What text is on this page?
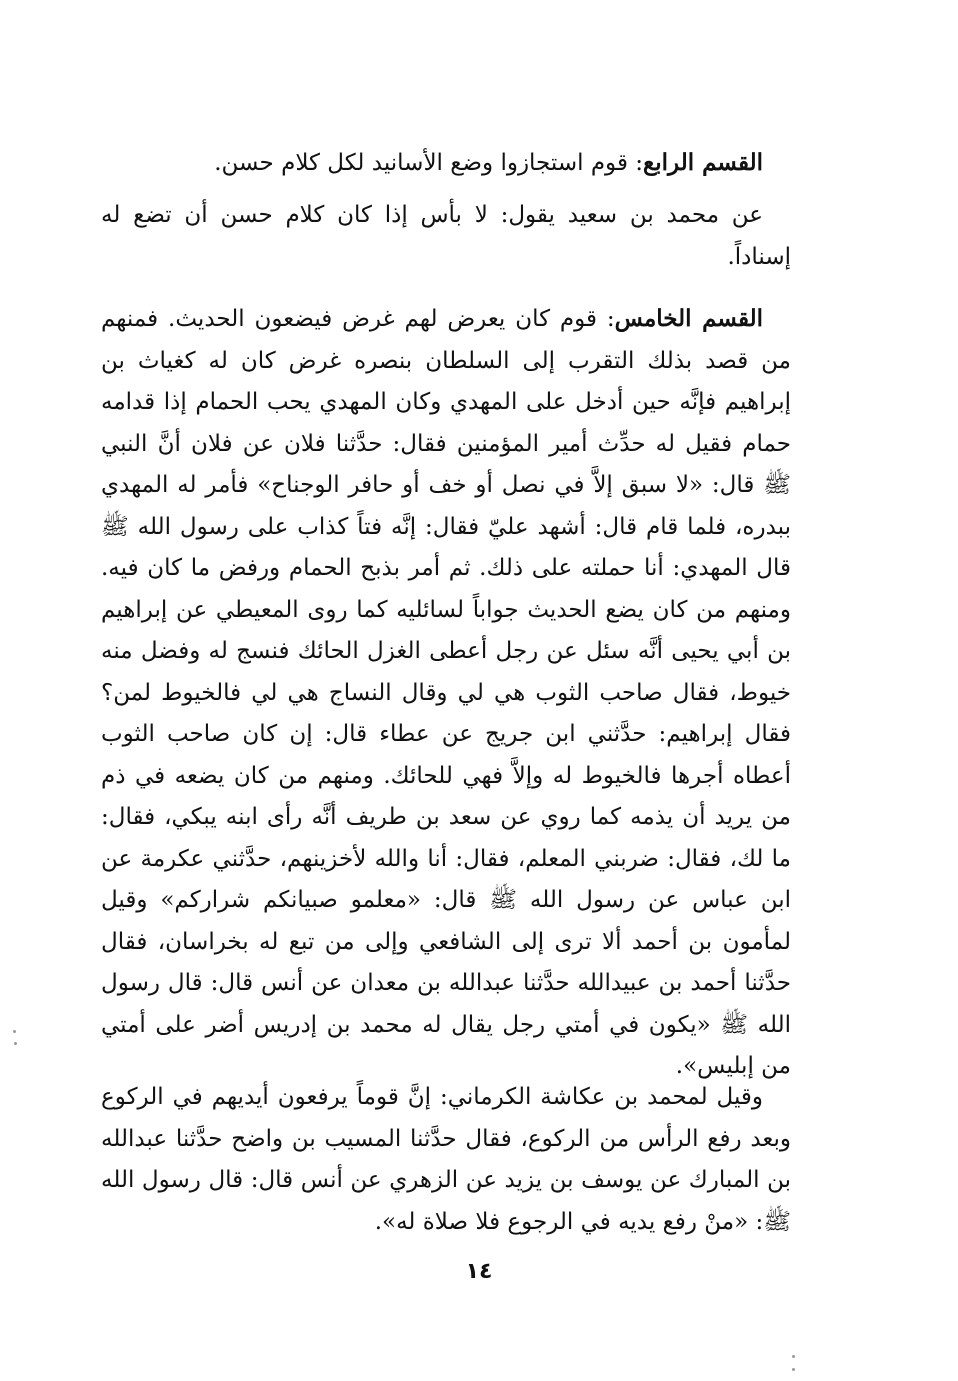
القسم الرابع: قوم استجازوا وضع الأسانيد لكل كلام حسن.

عن محمد بن سعيد يقول: لا بأس إذا كان كلام حسن أن تضع له إسناداً.

القسم الخامس: قوم كان يعرض لهم غرض فيضعون الحديث. فمنهم من قصد بذلك التقرب إلى السلطان بنصره غرض كان له كغياث بن إبراهيم فإنَّه حين أدخل على المهدي وكان المهدي يحب الحمام إذا قدامه حمام فقيل له حدِّث أمير المؤمنين فقال: حدَّثنا فلان عن فلان أنَّ النبي ﷺ قال: «لا سبق إلاَّ في نصل أو خف أو حافر الوجناح» فأمر له المهدي ببدره، فلما قام قال: أشهد عليّ فقال: إنَّه فتاً كذاب على رسول الله ﷺ قال المهدي: أنا حملته على ذلك. ثم أمر بذبح الحمام ورفض ما كان فيه. ومنهم من كان يضع الحديث جواباً لسائليه كما روى المعيطي عن إبراهيم بن أبي يحيى أنَّه سئل عن رجل أعطى الغزل الحائك فنسج له وفضل منه خيوط، فقال صاحب الثوب هي لي وقال النساج هي لي فالخيوط لمن؟ فقال إبراهيم: حدَّثني ابن جريج عن عطاء قال: إن كان صاحب الثوب أعطاه أجرها فالخيوط له وإلاَّ فهي للحائك. ومنهم من كان يضعه في ذم من يريد أن يذمه كما روي عن سعد بن طريف أنَّه رأى ابنه يبكي، فقال: ما لك، فقال: ضربني المعلم، فقال: أنا والله لأخزينهم، حدَّثني عكرمة عن ابن عباس عن رسول الله ﷺ قال: «معلمو صبيانكم شراركم» وقيل لمأمون بن أحمد ألا ترى إلى الشافعي وإلى من تبع له بخراسان، فقال حدَّثنا أحمد بن عبيدالله حدَّثنا عبدالله بن معدان عن أنس قال: قال رسول الله ﷺ «يكون في أمتي رجل يقال له محمد بن إدريس أضر على أمتي من إبليس».

وقيل لمحمد بن عكاشة الكرماني: إنَّ قوماً يرفعون أيديهم في الركوع وبعد رفع الرأس من الركوع، فقال حدَّثنا المسيب بن واضح حدَّثنا عبدالله بن المبارك عن يوسف بن يزيد عن الزهري عن أنس قال: قال رسول الله ﷺ: «منْ رفع يديه في الرجوع فلا صلاة له».

١٤
